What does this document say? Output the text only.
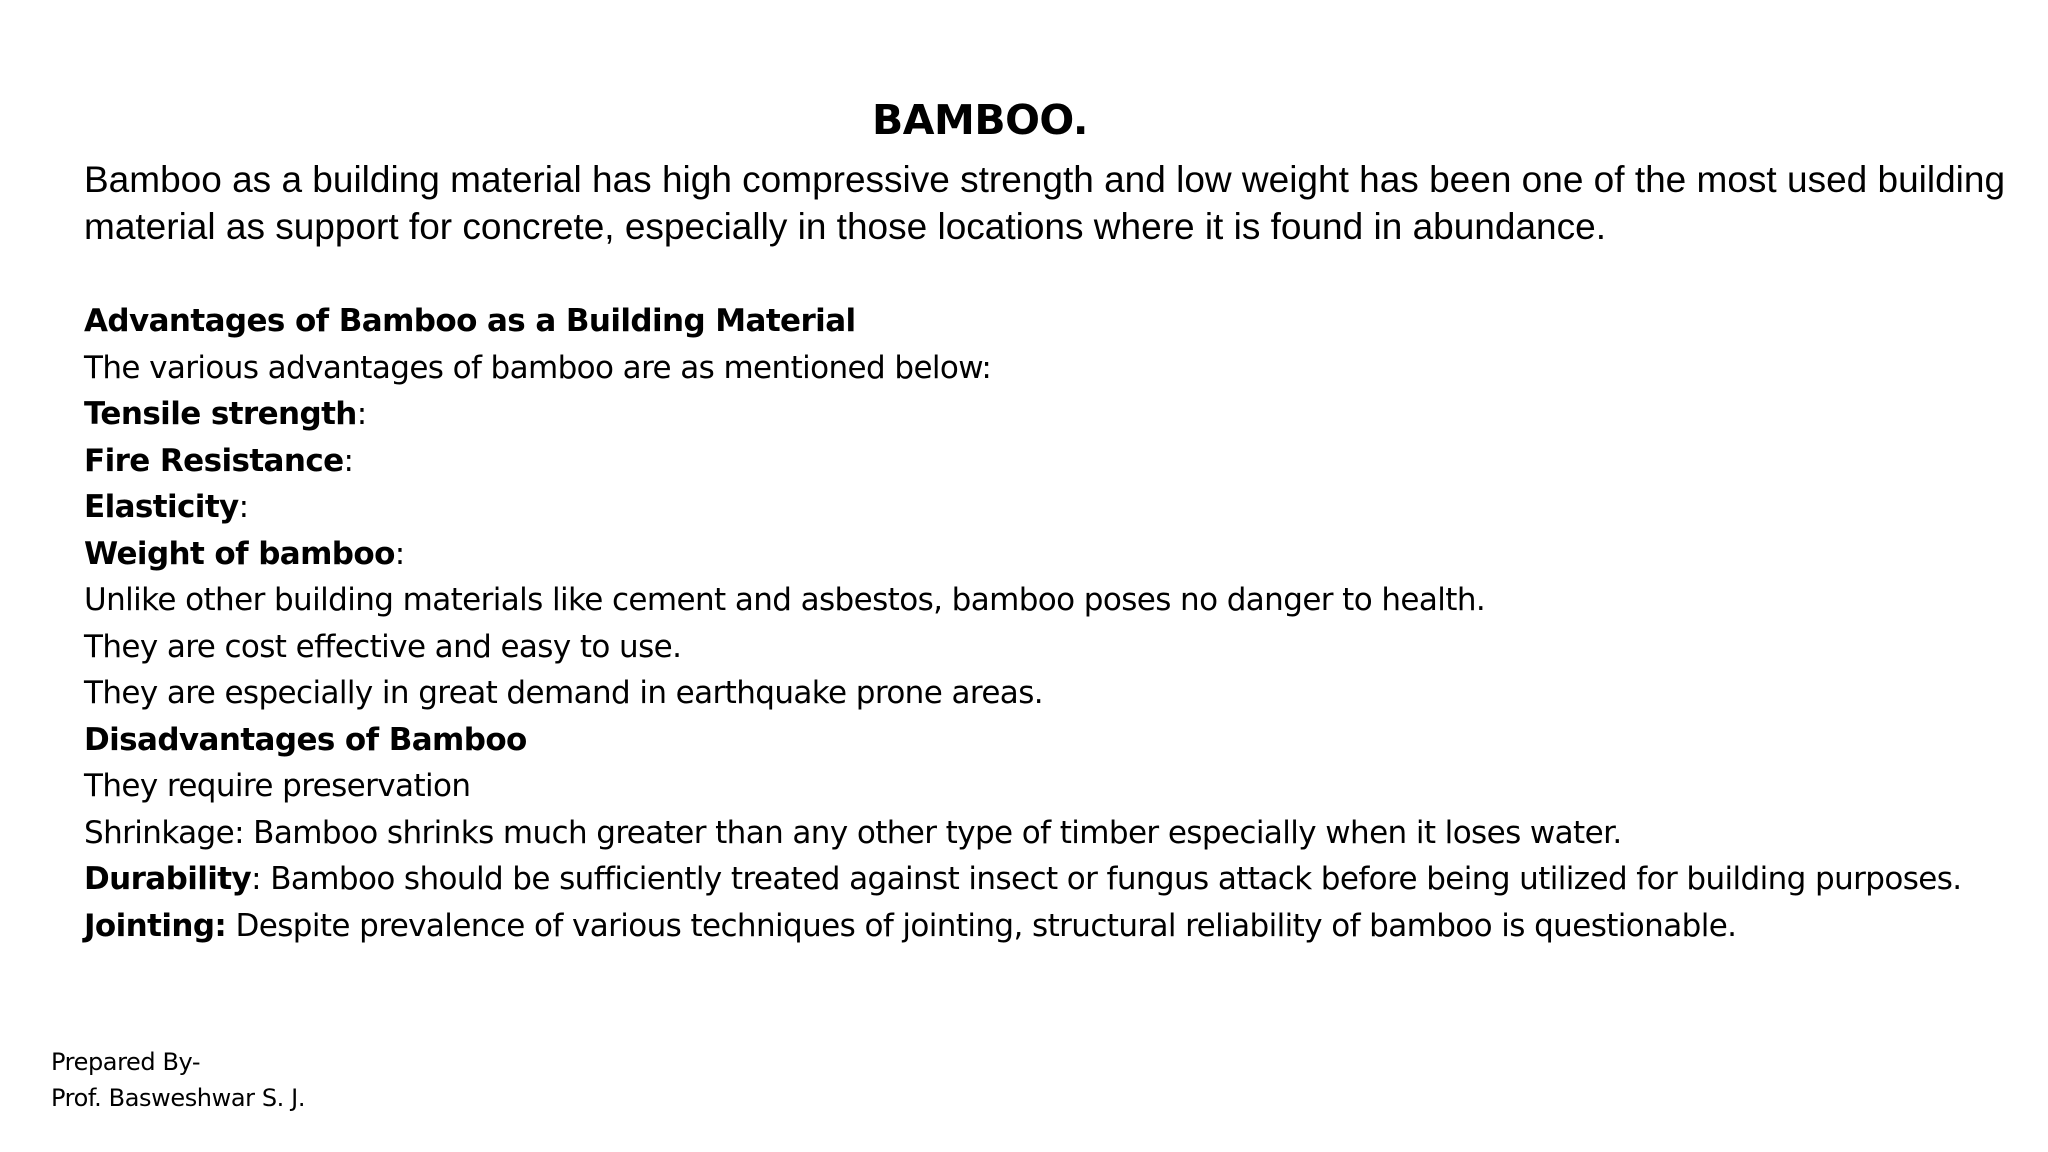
BAMBOO.
Bamboo as a building material has high compressive strength and low weight has been one of the most used building material as support for concrete, especially in those locations where it is found in abundance.
Advantages of Bamboo as a Building Material
The various advantages of bamboo are as mentioned below:
Tensile strength:
Fire Resistance:
Elasticity:
Weight of bamboo:
Unlike other building materials like cement and asbestos, bamboo poses no danger to health.
They are cost effective and easy to use.
They are especially in great demand in earthquake prone areas.
Disadvantages of Bamboo
They require preservation
Shrinkage: Bamboo shrinks much greater than any other type of timber especially when it loses water.
Durability: Bamboo should be sufficiently treated against insect or fungus attack before being utilized for building purposes.
Jointing: Despite prevalence of various techniques of jointing, structural reliability of bamboo is questionable.
Prepared By-
Prof. Basweshwar S. J.
